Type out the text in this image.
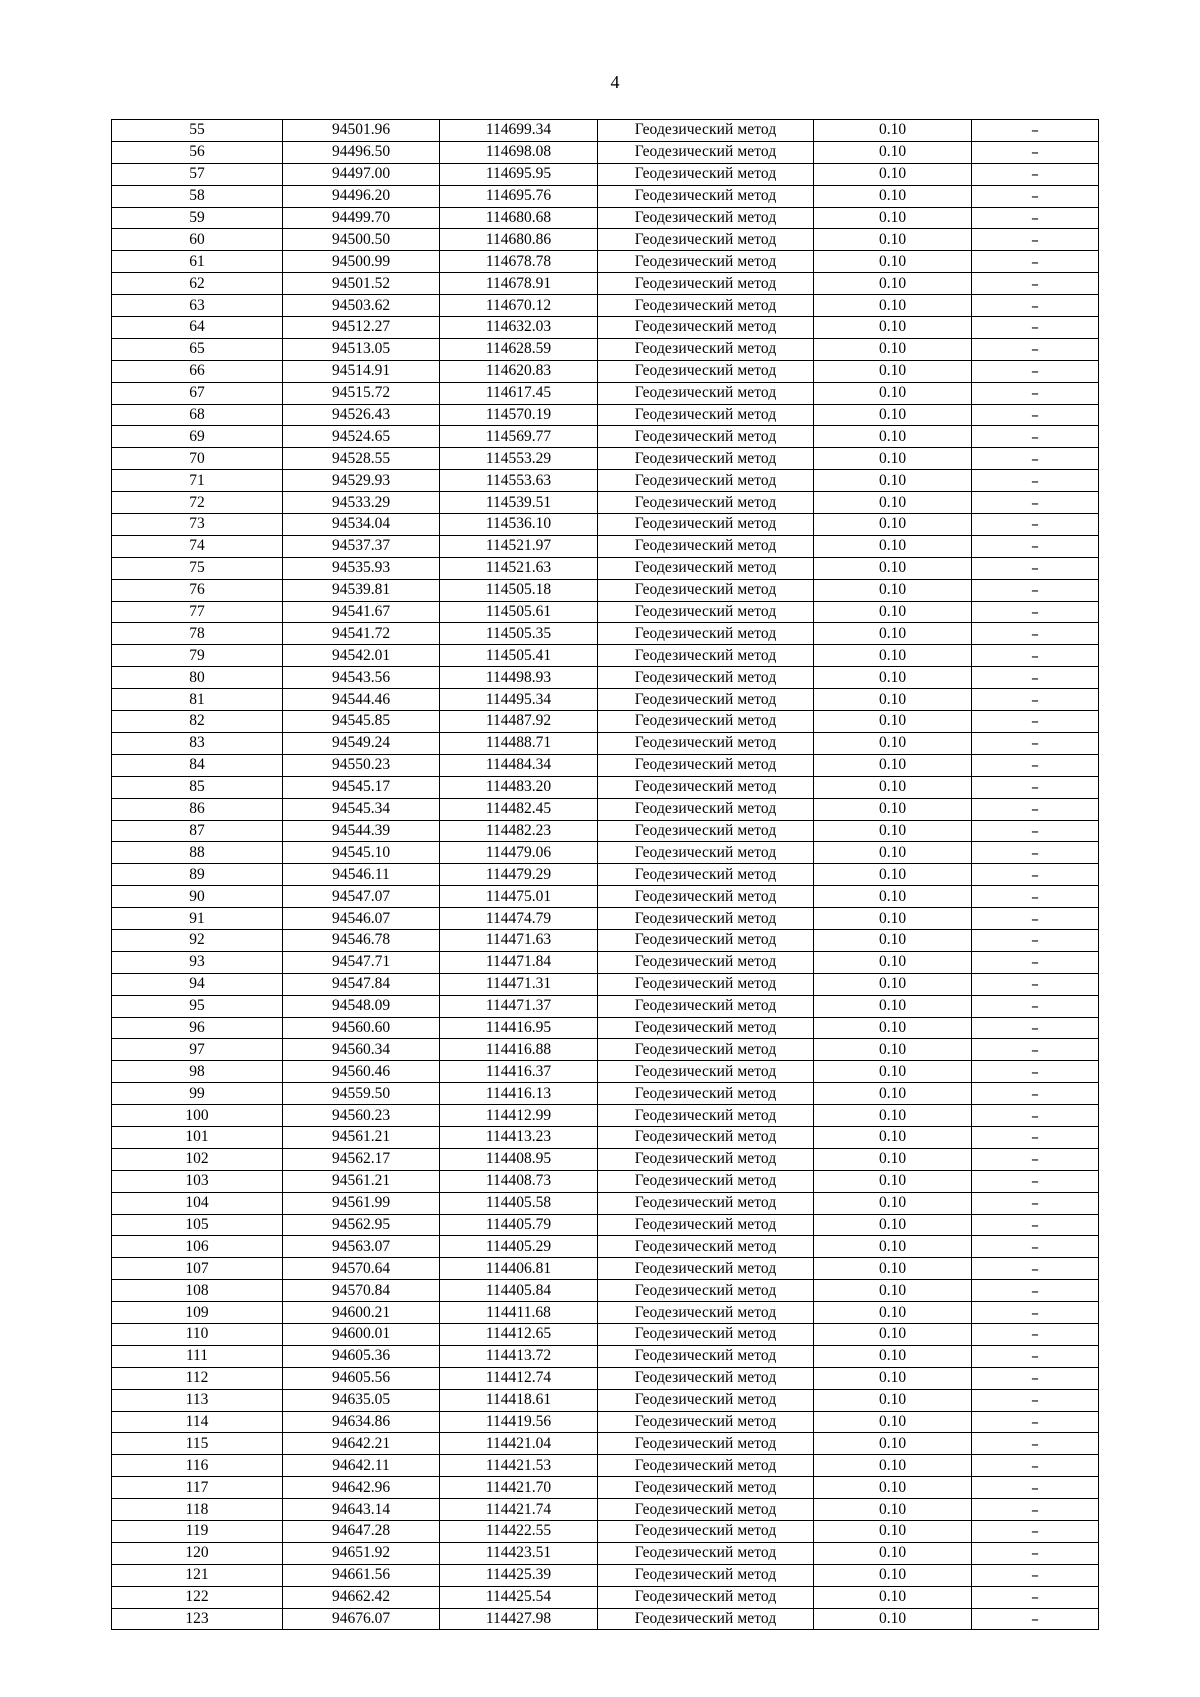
4
55	94501.96	114699.34	Геодезический метод	0.10	–
56	94496.50	114698.08	Геодезический метод	0.10	–
57	94497.00	114695.95	Геодезический метод	0.10	–
58	94496.20	114695.76	Геодезический метод	0.10	–
59	94499.70	114680.68	Геодезический метод	0.10	–
60	94500.50	114680.86	Геодезический метод	0.10	–
61	94500.99	114678.78	Геодезический метод	0.10	–
62	94501.52	114678.91	Геодезический метод	0.10	–
63	94503.62	114670.12	Геодезический метод	0.10	–
64	94512.27	114632.03	Геодезический метод	0.10	–
65	94513.05	114628.59	Геодезический метод	0.10	–
66	94514.91	114620.83	Геодезический метод	0.10	–
67	94515.72	114617.45	Геодезический метод	0.10	–
68	94526.43	114570.19	Геодезический метод	0.10	–
69	94524.65	114569.77	Геодезический метод	0.10	–
70	94528.55	114553.29	Геодезический метод	0.10	–
71	94529.93	114553.63	Геодезический метод	0.10	–
72	94533.29	114539.51	Геодезический метод	0.10	–
73	94534.04	114536.10	Геодезический метод	0.10	–
74	94537.37	114521.97	Геодезический метод	0.10	–
75	94535.93	114521.63	Геодезический метод	0.10	–
76	94539.81	114505.18	Геодезический метод	0.10	–
77	94541.67	114505.61	Геодезический метод	0.10	–
78	94541.72	114505.35	Геодезический метод	0.10	–
79	94542.01	114505.41	Геодезический метод	0.10	–
80	94543.56	114498.93	Геодезический метод	0.10	–
81	94544.46	114495.34	Геодезический метод	0.10	–
82	94545.85	114487.92	Геодезический метод	0.10	–
83	94549.24	114488.71	Геодезический метод	0.10	–
84	94550.23	114484.34	Геодезический метод	0.10	–
85	94545.17	114483.20	Геодезический метод	0.10	–
86	94545.34	114482.45	Геодезический метод	0.10	–
87	94544.39	114482.23	Геодезический метод	0.10	–
88	94545.10	114479.06	Геодезический метод	0.10	–
89	94546.11	114479.29	Геодезический метод	0.10	–
90	94547.07	114475.01	Геодезический метод	0.10	–
91	94546.07	114474.79	Геодезический метод	0.10	–
92	94546.78	114471.63	Геодезический метод	0.10	–
93	94547.71	114471.84	Геодезический метод	0.10	–
94	94547.84	114471.31	Геодезический метод	0.10	–
95	94548.09	114471.37	Геодезический метод	0.10	–
96	94560.60	114416.95	Геодезический метод	0.10	–
97	94560.34	114416.88	Геодезический метод	0.10	–
98	94560.46	114416.37	Геодезический метод	0.10	–
99	94559.50	114416.13	Геодезический метод	0.10	–
100	94560.23	114412.99	Геодезический метод	0.10	–
101	94561.21	114413.23	Геодезический метод	0.10	–
102	94562.17	114408.95	Геодезический метод	0.10	–
103	94561.21	114408.73	Геодезический метод	0.10	–
104	94561.99	114405.58	Геодезический метод	0.10	–
105	94562.95	114405.79	Геодезический метод	0.10	–
106	94563.07	114405.29	Геодезический метод	0.10	–
107	94570.64	114406.81	Геодезический метод	0.10	–
108	94570.84	114405.84	Геодезический метод	0.10	–
109	94600.21	114411.68	Геодезический метод	0.10	–
110	94600.01	114412.65	Геодезический метод	0.10	–
111	94605.36	114413.72	Геодезический метод	0.10	–
112	94605.56	114412.74	Геодезический метод	0.10	–
113	94635.05	114418.61	Геодезический метод	0.10	–
114	94634.86	114419.56	Геодезический метод	0.10	–
115	94642.21	114421.04	Геодезический метод	0.10	–
116	94642.11	114421.53	Геодезический метод	0.10	–
117	94642.96	114421.70	Геодезический метод	0.10	–
118	94643.14	114421.74	Геодезический метод	0.10	–
119	94647.28	114422.55	Геодезический метод	0.10	–
120	94651.92	114423.51	Геодезический метод	0.10	–
121	94661.56	114425.39	Геодезический метод	0.10	–
122	94662.42	114425.54	Геодезический метод	0.10	–
123	94676.07	114427.98	Геодезический метод	0.10	–
